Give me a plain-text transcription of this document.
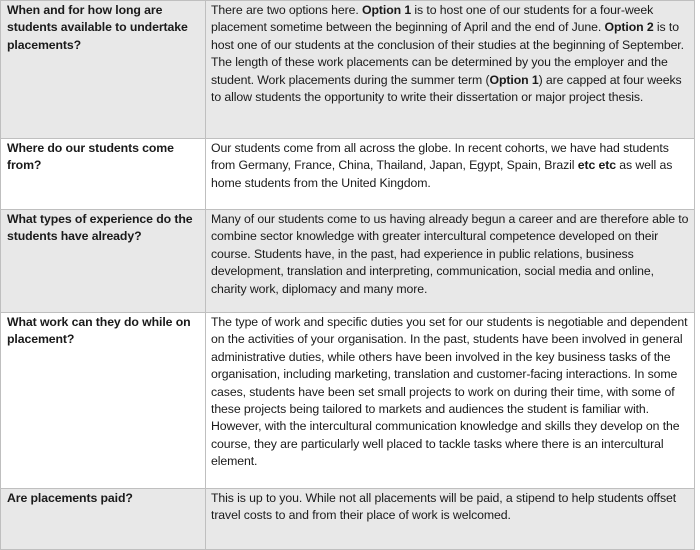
When and for how long are students available to undertake placements?	There are two options here. Option 1 is to host one of our students for a four-week placement sometime between the beginning of April and the end of June. Option 2 is to host one of our students at the conclusion of their studies at the beginning of September. The length of these work placements can be determined by you the employer and the student. Work placements during the summer term (Option 1) are capped at four weeks to allow students the opportunity to write their dissertation or major project thesis.
Where do our students come from?	Our students come from all across the globe. In recent cohorts, we have had students from Germany, France, China, Thailand, Japan, Egypt, Spain, Brazil etc etc as well as home students from the United Kingdom.
What types of experience do the students have already?	Many of our students come to us having already begun a career and are therefore able to combine sector knowledge with greater intercultural competence developed on their course. Students have, in the past, had experience in public relations, business development, translation and interpreting, communication, social media and online, charity work, diplomacy and many more.
What work can they do while on placement?	The type of work and specific duties you set for our students is negotiable and dependent on the activities of your organisation. In the past, students have been involved in general administrative duties, while others have been involved in the key business tasks of the organisation, including marketing, translation and customer-facing interactions. In some cases, students have been set small projects to work on during their time, with some of these projects being tailored to markets and audiences the student is familiar with. However, with the intercultural communication knowledge and skills they develop on the course, they are particularly well placed to tackle tasks where there is an intercultural element.
Are placements paid?	This is up to you. While not all placements will be paid, a stipend to help students offset travel costs to and from their place of work is welcomed.
